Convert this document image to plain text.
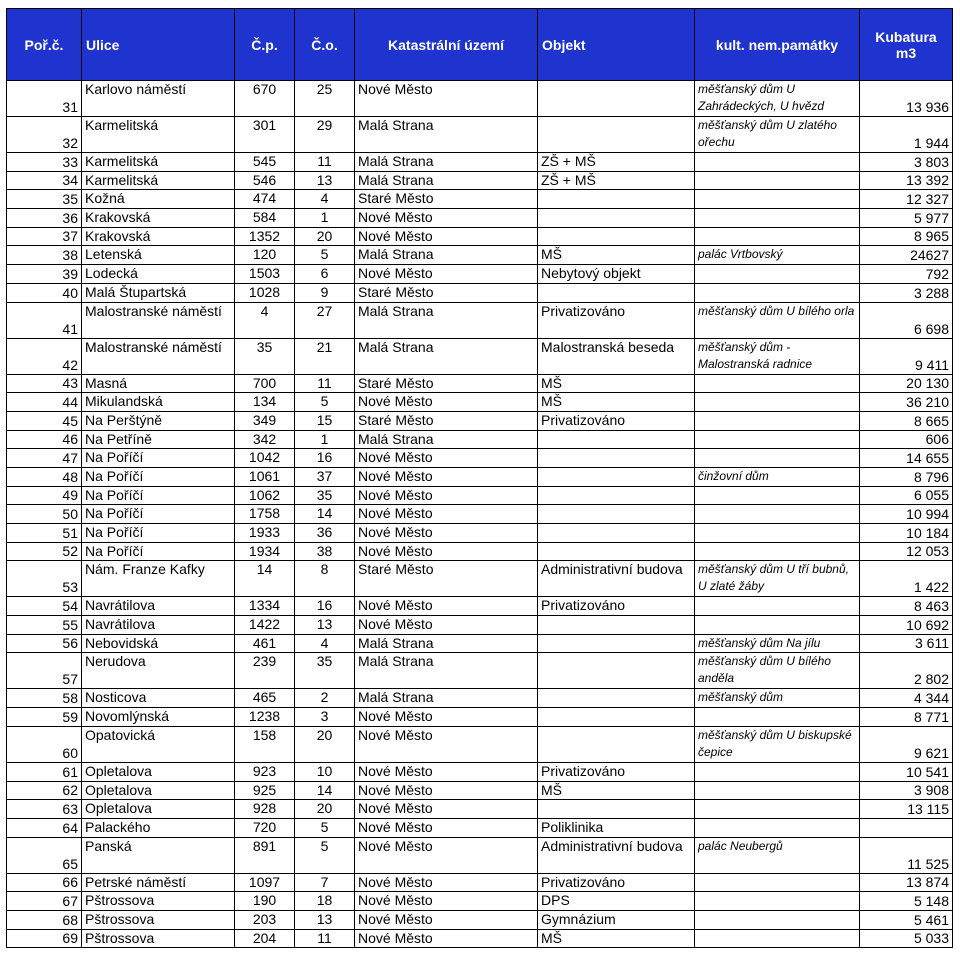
Poř.č.	Ulice	Č.p.	Č.o.	Katastrální území	Objekt	kult. nem.památky	Kubatura m3
31	Karlovo náměstí	670	25	Nové Město		měšťanský dům U Zahrádeckých, U hvězd	13 936
32	Karmelitská	301	29	Malá Strana		měšťanský dům U zlatého ořechu	1 944
33	Karmelitská	545	11	Malá Strana	ZŠ + MŠ		3 803
34	Karmelitská	546	13	Malá Strana	ZŠ + MŠ		13 392
35	Kožná	474	4	Staré Město			12 327
36	Krakovská	584	1	Nové Město			5 977
37	Krakovská	1352	20	Nové Město			8 965
38	Letenská	120	5	Malá Strana	MŠ	palác Vrtbovský	24627
39	Lodecká	1503	6	Nové Město	Nebytový objekt		792
40	Malá Štupartská	1028	9	Staré Město			3 288
41	Malostranské náměstí	4	27	Malá Strana	Privatizováno	měšťanský dům U bílého orla	6 698
42	Malostranské náměstí	35	21	Malá Strana	Malostranská beseda	měšťanský dům - Malostranská radnice	9 411
43	Masná	700	11	Staré Město	MŠ		20 130
44	Mikulandská	134	5	Nové Město	MŠ		36 210
45	Na Perštýně	349	15	Staré Město	Privatizováno		8 665
46	Na Petříně	342	1	Malá Strana			606
47	Na Poříčí	1042	16	Nové Město			14 655
48	Na Poříčí	1061	37	Nové Město		činžovní dům	8 796
49	Na Poříčí	1062	35	Nové Město			6 055
50	Na Poříčí	1758	14	Nové Město			10 994
51	Na Poříčí	1933	36	Nové Město			10 184
52	Na Poříčí	1934	38	Nové Město			12 053
53	Nám. Franze Kafky	14	8	Staré Město	Administrativní budova	měšťanský dům U tří bubnů, U zlaté žáby	1 422
54	Navrátilova	1334	16	Nové Město	Privatizováno		8 463
55	Navrátilova	1422	13	Nové Město			10 692
56	Nebovidská	461	4	Malá Strana		měšťanský dům Na jílu	3 611
57	Nerudova	239	35	Malá Strana		měšťanský dům U bílého anděla	2 802
58	Nosticova	465	2	Malá Strana		měšťanský dům	4 344
59	Novomlýnská	1238	3	Nové Město			8 771
60	Opatovická	158	20	Nové Město		měšťanský dům U biskupské čepice	9 621
61	Opletalova	923	10	Nové Město	Privatizováno		10 541
62	Opletalova	925	14	Nové Město	MŠ		3 908
63	Opletalova	928	20	Nové Město			13 115
64	Palackého	720	5	Nové Město	Poliklinika		
65	Panská	891	5	Nové Město	Administrativní budova	palác Neubergů	11 525
66	Petrské náměstí	1097	7	Nové Město	Privatizováno		13 874
67	Pštrossova	190	18	Nové Město	DPS		5 148
68	Pštrossova	203	13	Nové Město	Gymnázium		5 461
69	Pštrossova	204	11	Nové Město	MŠ		5 033
